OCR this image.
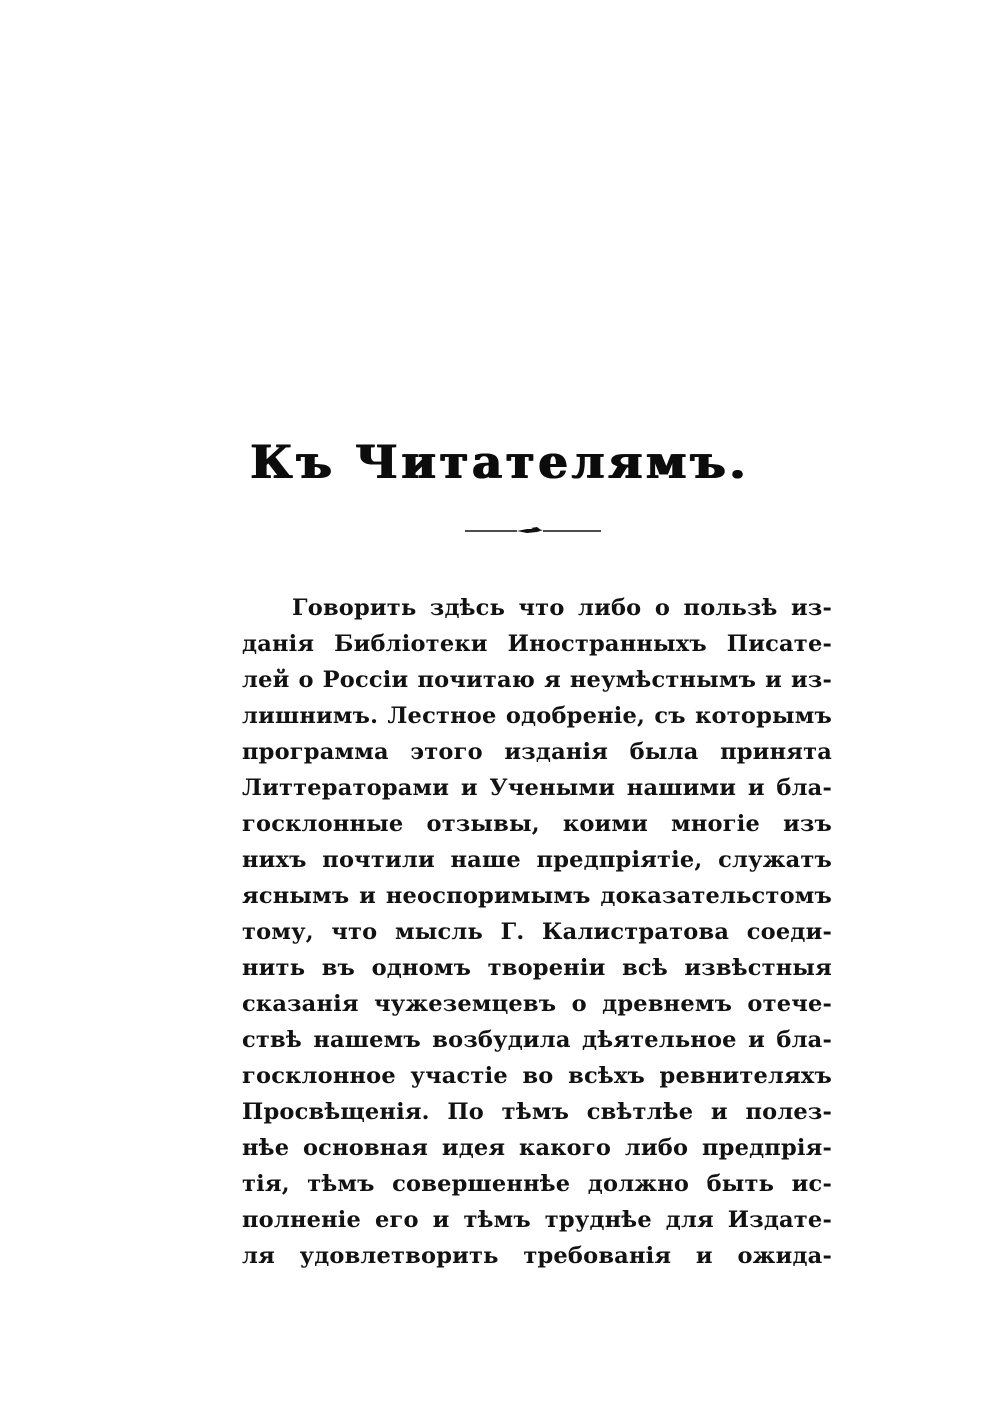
Къ Читателямъ.
Говорить здѣсь что либо о пользѣ из-
данія Библіотеки Иностранныхъ Писате-
лей о Россіи почитаю я неумѣстнымъ и из-
лишнимъ. Лестное одобреніе, съ которымъ
программа этого изданія была принята
Литтераторами и Учеными нашими и бла-
госклонные отзывы, коими многіе изъ
нихъ почтили наше предпріятіе, служатъ
яснымъ и неоспоримымъ доказательстомъ
тому, что мысль Г. Калистратова соеди-
нить въ одномъ твореніи всѣ извѣстныя
сказанія чужеземцевъ о древнемъ отече-
ствѣ нашемъ возбудила дѣятельное и бла-
госклонное участіе во всѣхъ ревнителяхъ
Просвѣщенія. По тѣмъ свѣтлѣе и полез-
нѣе основная идея какого либо предпрія-
тія, тѣмъ совершеннѣе должно быть ис-
полненіе его и тѣмъ труднѣе для Издате-
ля удовлетворить требованія и ожида-
